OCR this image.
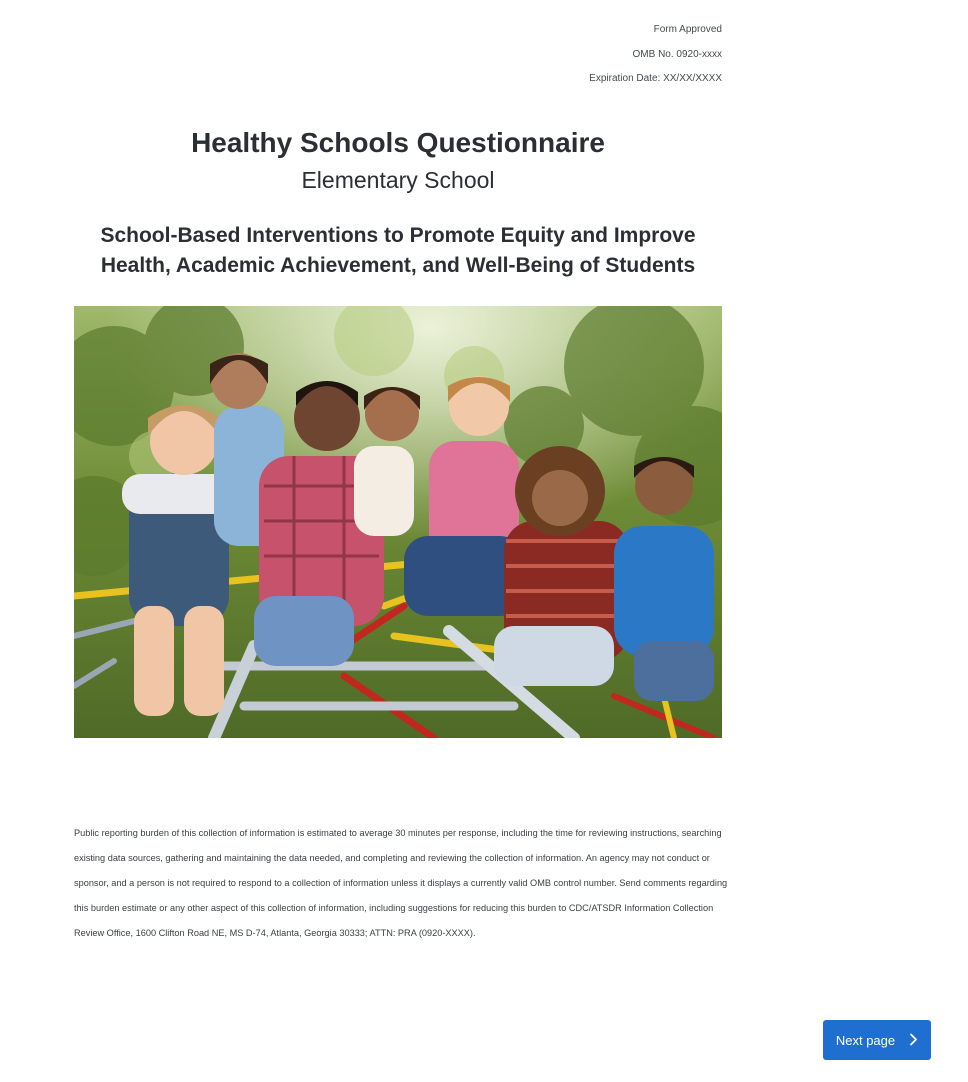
Form Approved
OMB No. 0920-xxxx
Expiration Date: XX/XX/XXXX
Healthy Schools Questionnaire
Elementary School
School-Based Interventions to Promote Equity and Improve Health, Academic Achievement, and Well-Being of Students

Public reporting burden of this collection of information is estimated to average 30 minutes per response, including the time for reviewing instructions, searching existing data sources, gathering and maintaining the data needed, and completing and reviewing the collection of information. An agency may not conduct or sponsor, and a person is not required to respond to a collection of information unless it displays a currently valid OMB control number. Send comments regarding this burden estimate or any other aspect of this collection of information, including suggestions for reducing this burden to CDC/ATSDR Information Collection Review Office, 1600 Clifton Road NE, MS D-74, Atlanta, Georgia 30333; ATTN: PRA (0920-XXXX).

Next page
